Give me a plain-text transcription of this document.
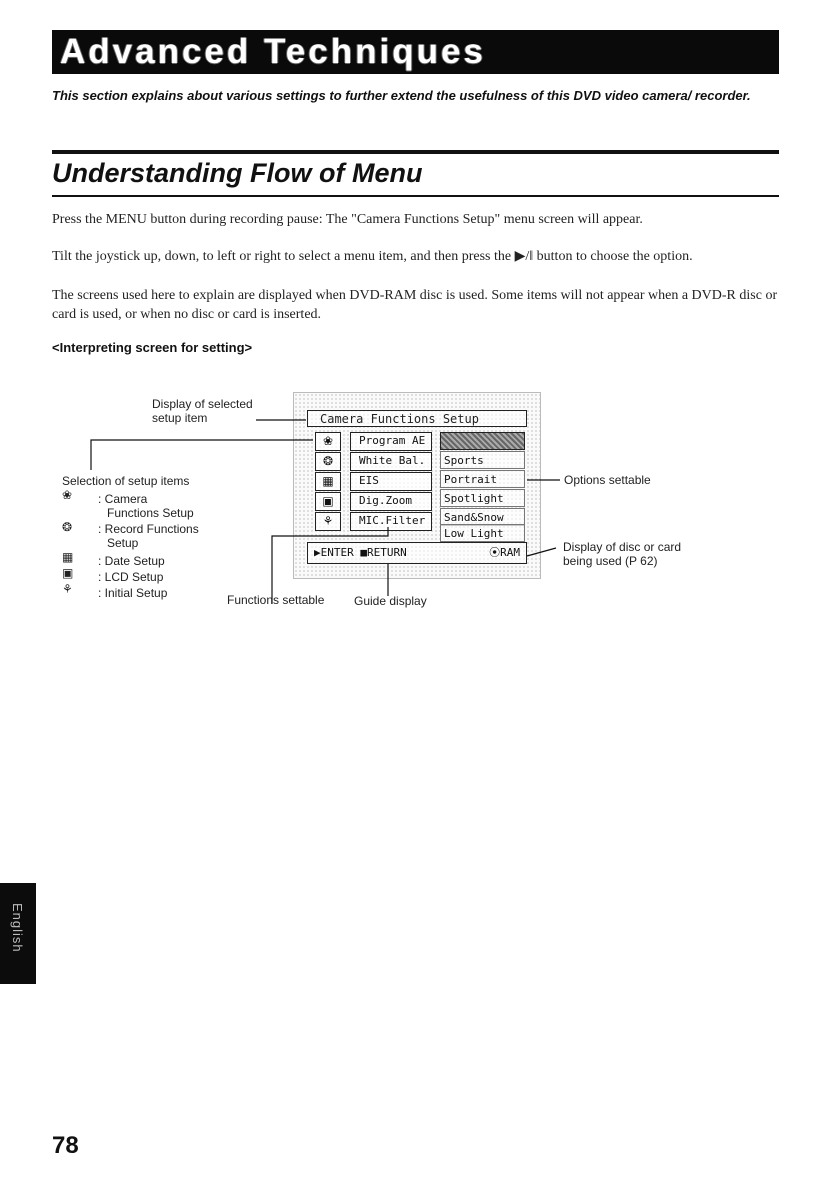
Advanced Techniques
This section explains about various settings to further extend the usefulness of this DVD video camera/ recorder.
Understanding Flow of Menu
Press the MENU button during recording pause: The "Camera Functions Setup" menu screen will appear.
Tilt the joystick up, down, to left or right to select a menu item, and then press the ▶/‖ button to choose the option.
The screens used here to explain are displayed when DVD-RAM disc is used. Some items will not appear when a DVD-R disc or card is used, or when no disc or card is inserted.
<Interpreting screen for setting>
Camera Functions Setup
❀
❂
▦
▣
⚘
Program AE
White Bal.
EIS
Dig.Zoom
MIC.Filter
Sports
Portrait
Spotlight
Sand&Snow
Low Light
▶ENTER ■RETURN	⦿RAM
Display of selected
setup item
Selection of setup items
❀	: Camera
Functions Setup
❂	: Record Functions
Setup
▦	: Date Setup
▣	: LCD Setup
⚘	: Initial Setup
Options settable
Display of disc or card
being used (P 62)
Functions settable Guide display
English
78
